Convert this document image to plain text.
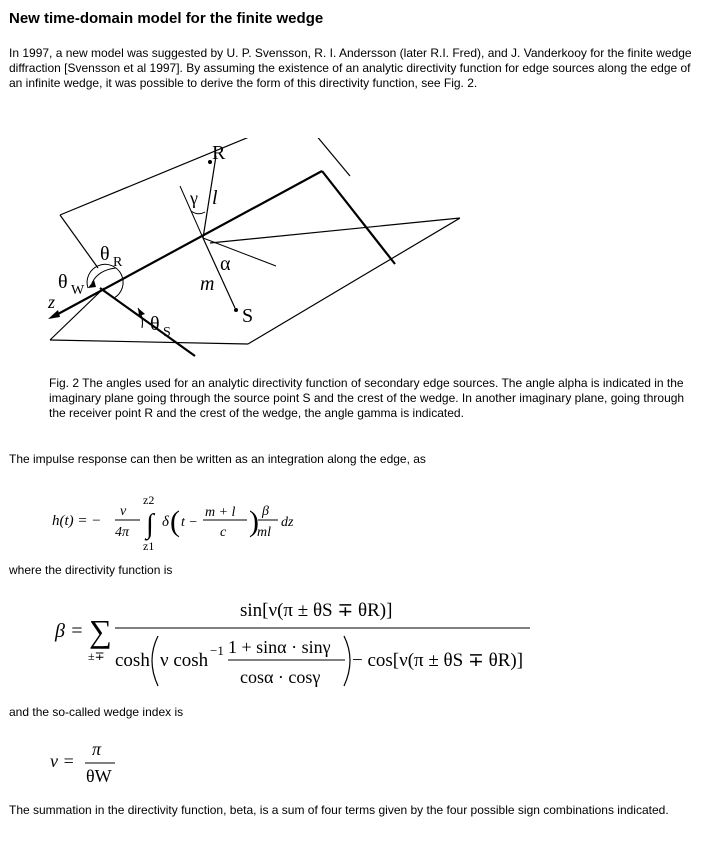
New time-domain model for the finite wedge

In 1997, a new model was suggested by U. P. Svensson, R. I. Andersson (later R.I. Fred), and J. Vanderkooy for the finite wedge diffraction [Svensson et al 1997]. By assuming the existence of an analytic directivity function for edge sources along the edge of an infinite wedge, it was possible to derive the form of this directivity function, see Fig. 2.

R
γ l
θ R	α
θ W
z
m
S
θ S

Fig. 2 The angles used for an analytic directivity function of secondary edge sources. The angle alpha is indicated in the imaginary plane going through the source point S and the crest of the wedge. In another imaginary plane, going through the receiver point R and the crest of the wedge, the angle gamma is indicated.

The impulse response can then be written as an integration along the edge, as

h(t) = −
ν
4π
z2
∫
z1
δ ( t −
m + l
c ) β
ml
dz

where the directivity function is

β = ∑
±∓
sin[ν(π ± θS ∓ θR)]
cosh ν cosh −1 1 + sinα · sinγ
cosα · cosγ
− cos[ν(π ± θS ∓ θR)]

and the so-called wedge index is

ν =
π
θW

The summation in the directivity function, beta, is a sum of four terms given by the four possible sign combinations indicated.
